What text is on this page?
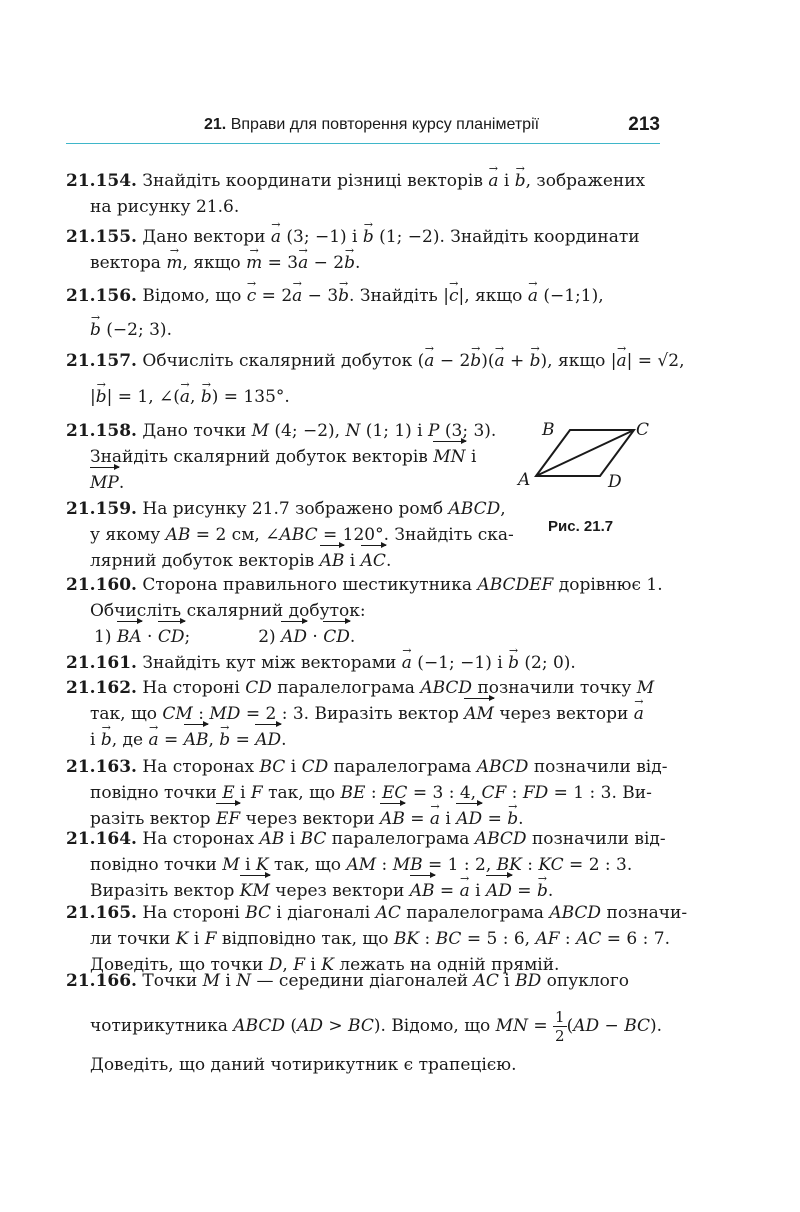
21. Вправи для повторення курсу планіметрії	213
21.154. Знайдіть координати різниці векторів → a і → b, зображених
на рисунку 21.6.
21.155. Дано вектори → a (3; −1) і → b (1; −2). Знайдіть координати
вектора → m, якщо → m = 3→ a − 2→ b.
21.156. Відомо, що → c = 2→ a − 3→ b. Знайдіть |→ c|, якщо → a (−1;1),
→ b (−2; 3).
21.157. Обчисліть скалярний добуток (→ a − 2→ b)(→ a + → b), якщо |→ a| = √2,
|→ b| = 1, ∠(→ a, → b) = 135°.
21.158. Дано точки M (4; −2), N (1; 1) і P (3; 3).
Знайдіть скалярний добуток векторів MN і
MP.
B	C
A	D
Рис. 21.7
21.159. На рисунку 21.7 зображено ромб ABCD,
у якому AB = 2 см, ∠ABC = 120°. Знайдіть ска-
лярний добуток векторів AB і AC.
21.160. Сторона правильного шестикутника ABCDEF дорівнює 1.
Обчисліть скалярний добуток:
1) BA · CD;	2) AD · CD.
21.161. Знайдіть кут між векторами → a (−1; −1) і → b (2; 0).
21.162. На стороні CD паралелограма ABCD позначили точку M
так, що CM : MD = 2 : 3. Виразіть вектор AM через вектори → a
і → b, де → a = AB, → b = AD.
21.163. На сторонах BC і CD паралелограма ABCD позначили від-
повідно точки E і F так, що BE : EC = 3 : 4, CF : FD = 1 : 3. Ви-
разіть вектор EF через вектори AB = → a і AD = → b.
21.164. На сторонах AB і BC паралелограма ABCD позначили від-
повідно точки M і K так, що AM : MB = 1 : 2, BK : KC = 2 : 3.
Виразіть вектор KM через вектори AB = → a і AD = → b.
21.165. На стороні BC і діагоналі AC паралелограма ABCD позначи-
ли точки K і F відповідно так, що BK : BC = 5 : 6, AF : AC = 6 : 7.
Доведіть, що точки D, F і K лежать на одній прямій.
21.166. Точки M і N — середини діагоналей AC і BD опуклого
чотирикутника ABCD (AD > BC). Відомо, що MN = $\frac{1}{2} (AD - BC)$.
Доведіть, що даний чотирикутник є трапецією.
